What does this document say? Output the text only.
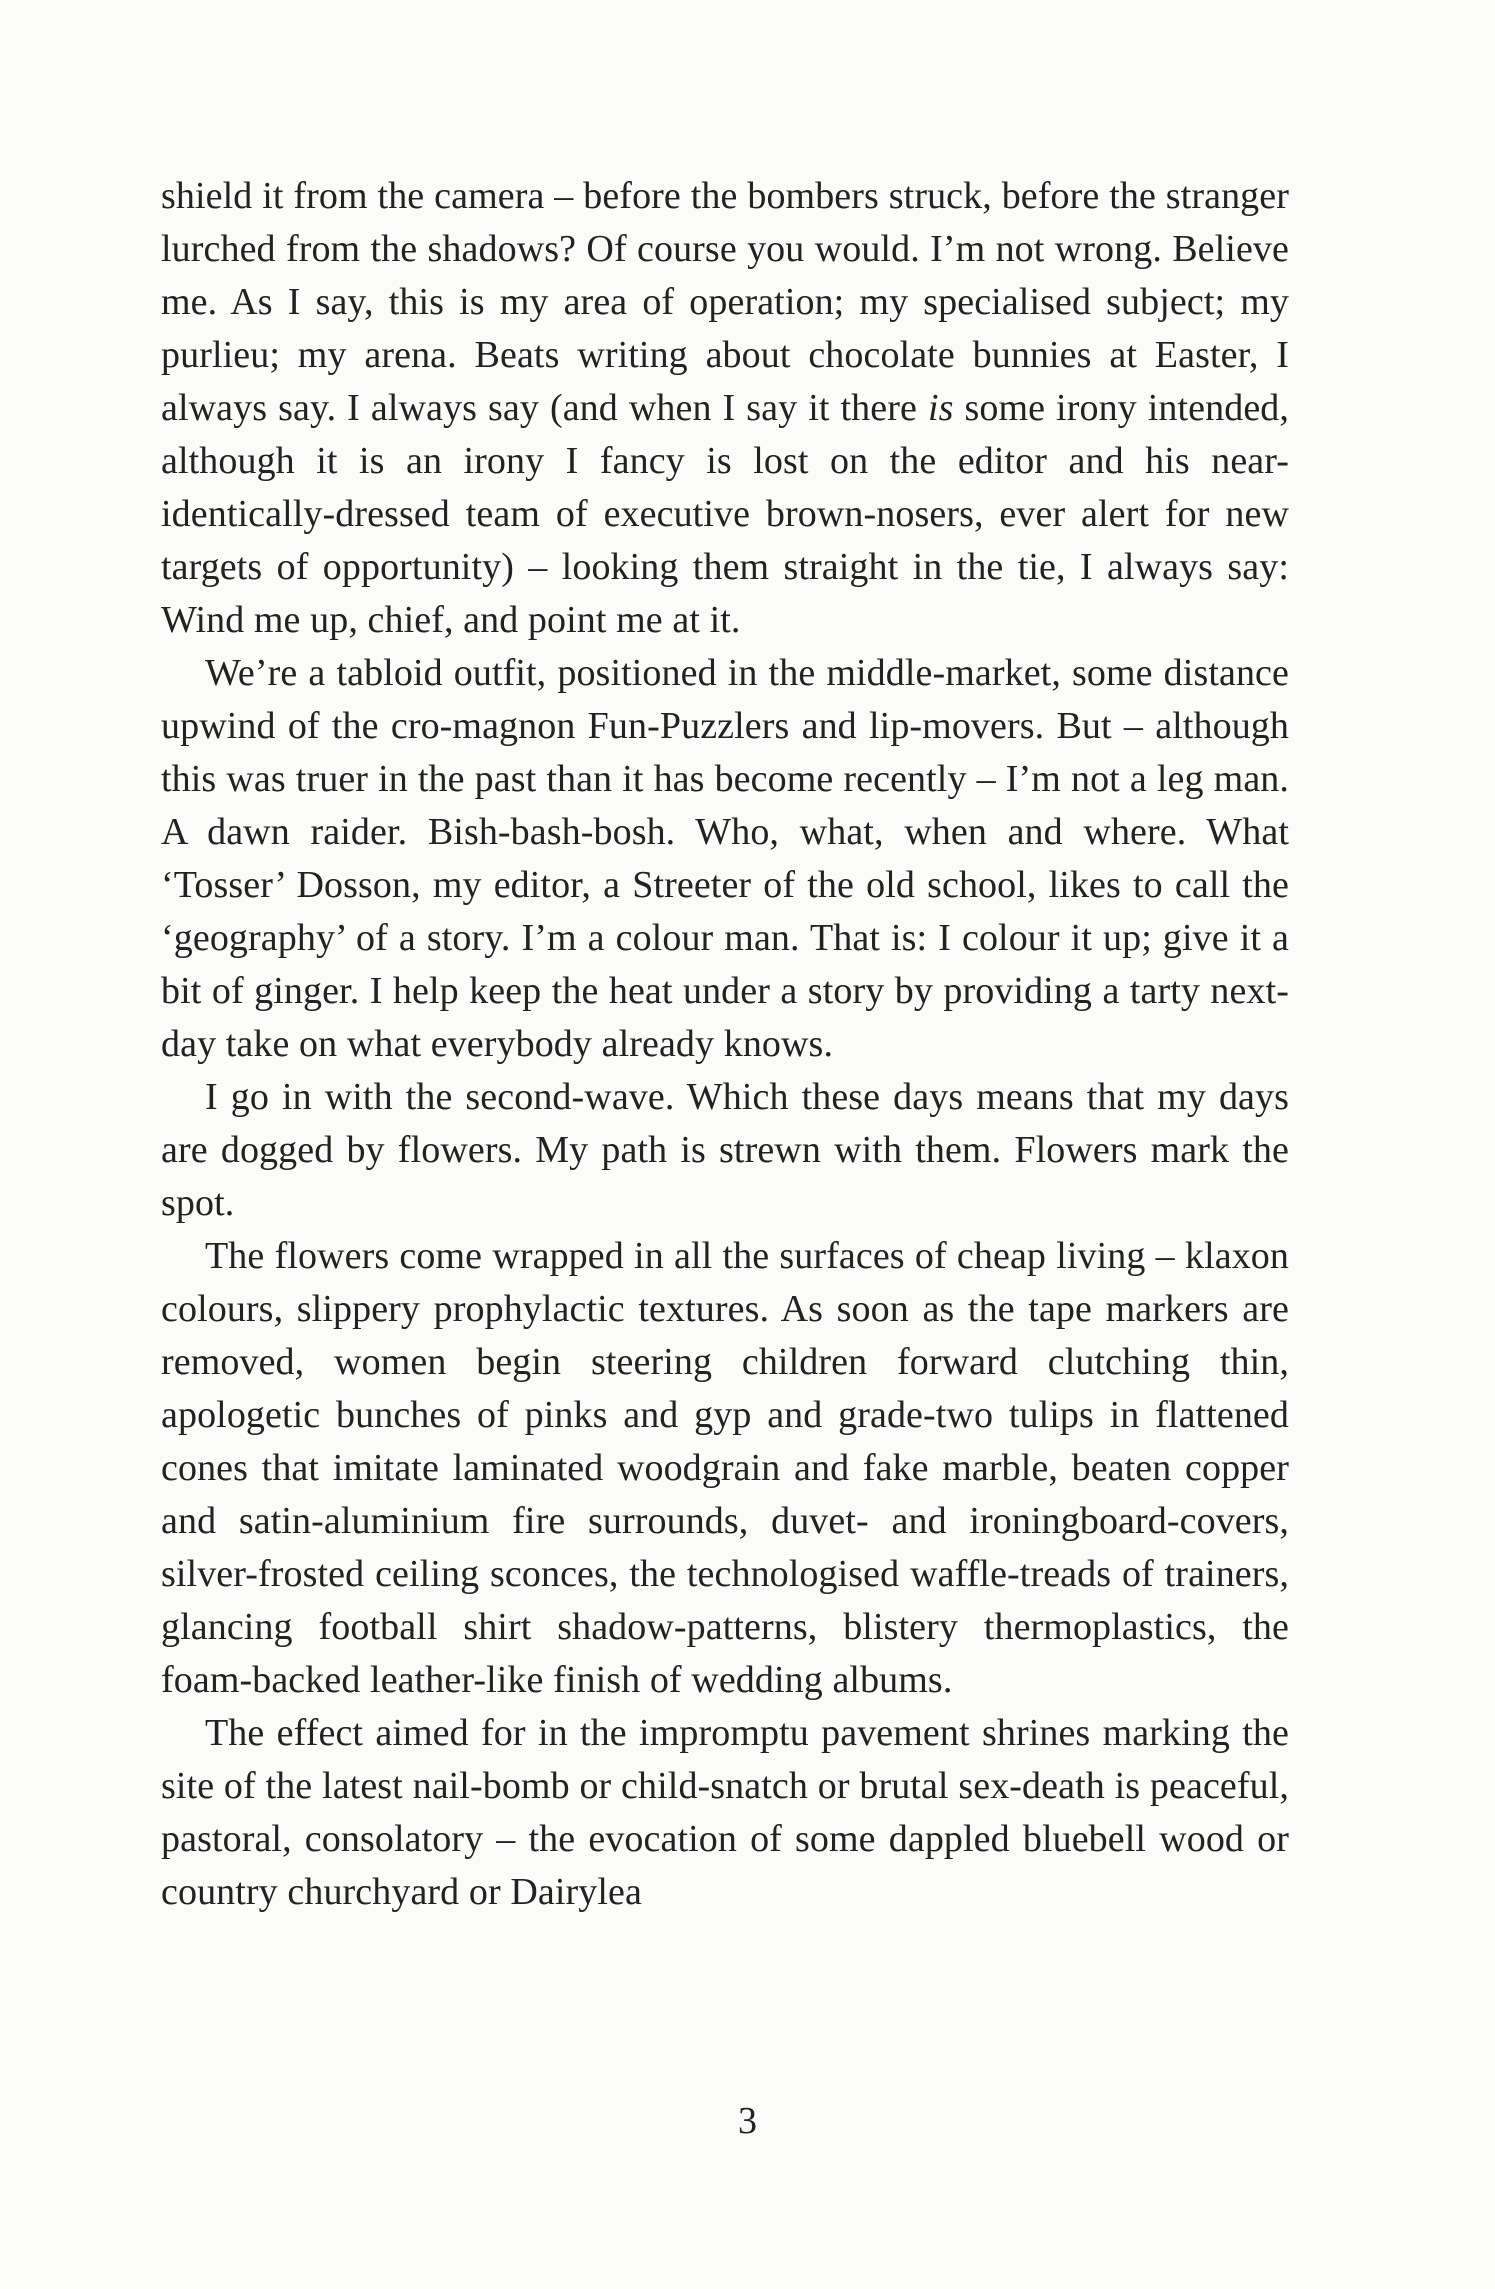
shield it from the camera – before the bombers struck, before the stranger lurched from the shadows? Of course you would. I’m not wrong. Believe me. As I say, this is my area of operation; my specialised subject; my purlieu; my arena. Beats writing about chocolate bunnies at Easter, I always say. I always say (and when I say it there is some irony intended, although it is an irony I fancy is lost on the editor and his near-identically-dressed team of executive brown-nosers, ever alert for new targets of opportunity) – looking them straight in the tie, I always say: Wind me up, chief, and point me at it.

We’re a tabloid outfit, positioned in the middle-market, some distance upwind of the cro-magnon Fun-Puzzlers and lip-movers. But – although this was truer in the past than it has become recently – I’m not a leg man. A dawn raider. Bish-bash-bosh. Who, what, when and where. What ‘Tosser’ Dosson, my editor, a Streeter of the old school, likes to call the ‘geography’ of a story. I’m a colour man. That is: I colour it up; give it a bit of ginger. I help keep the heat under a story by providing a tarty next-day take on what everybody already knows.

I go in with the second-wave. Which these days means that my days are dogged by flowers. My path is strewn with them. Flowers mark the spot.

The flowers come wrapped in all the surfaces of cheap living – klaxon colours, slippery prophylactic textures. As soon as the tape markers are removed, women begin steering children forward clutching thin, apologetic bunches of pinks and gyp and grade-two tulips in flattened cones that imitate laminated woodgrain and fake marble, beaten copper and satin-aluminium fire surrounds, duvet- and ironingboard-covers, silver-frosted ceiling sconces, the technologised waffle-treads of trainers, glancing football shirt shadow-patterns, blistery thermoplastics, the foam-backed leather-like finish of wedding albums.

The effect aimed for in the impromptu pavement shrines marking the site of the latest nail-bomb or child-snatch or brutal sex-death is peaceful, pastoral, consolatory – the evocation of some dappled bluebell wood or country churchyard or Dairylea

3
